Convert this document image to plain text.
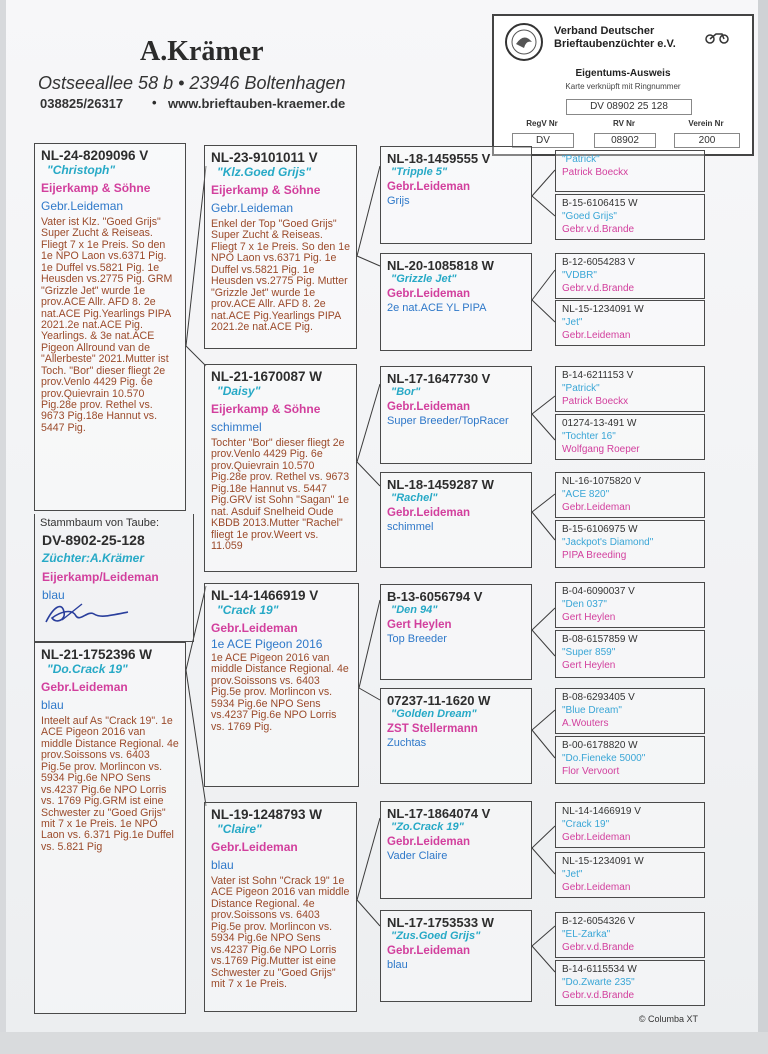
A.Krämer
Ostseeallee 58 b • 23946 Boltenhagen
038825/26317 • www.brieftauben-kraemer.de
Verband Deutscher
Brieftaubenzüchter e.V.
Eigentums-Ausweis
Karte verknüpft mit Ringnummer
DV 08902 25 128
RegV Nr	RV Nr	Verein Nr
DV	08902	200
NL-24-8209096 V
"Christoph"
Eijerkamp & Söhne
Gebr.Leideman
Vater ist Klz. "Goed Grijs" Super Zucht & Reiseas. Fliegt 7 x 1e Preis. So den 1e NPO Laon vs.6371 Pig. 1e Duffel vs.5821 Pig. 1e Heusden vs.2775 Pig. GRM "Grizzle Jet" wurde 1e prov.ACE Allr. AFD 8. 2e nat.ACE Pig.Yearlings PIPA 2021.2e nat.ACE Pig. Yearlings. & 3e nat.ACE Pigeon Allround van de "Allerbeste" 2021.Mutter ist Toch. "Bor" dieser fliegt 2e prov.Venlo 4429 Pig. 6e prov.Quievrain 10.570 Pig.28e prov. Rethel vs. 9673 Pig.18e Hannut vs. 5447 Pig.
Stammbaum von Taube:
DV-8902-25-128
Züchter:A.Krämer
Eijerkamp/Leideman
blau
NL-21-1752396 W
"Do.Crack 19"
Gebr.Leideman
blau
Inteelt auf As "Crack 19". 1e ACE Pigeon 2016 van middle Distance Regional. 4e prov.Soissons vs. 6403 Pig.5e prov. Morlincon vs. 5934 Pig.6e NPO Sens vs.4237 Pig.6e NPO Lorris vs. 1769 Pig.GRM ist eine Schwester zu "Goed Grijs" mit 7 x 1e Preis. 1e NPO Laon vs. 6.371 Pig.1e Duffel vs. 5.821 Pig
NL-23-9101011 V
"Klz.Goed Grijs"
Eijerkamp & Söhne
Gebr.Leideman
Enkel der Top "Goed Grijs" Super Zucht & Reiseas. Fliegt 7 x 1e Preis. So den 1e NPO Laon vs.6371 Pig. 1e Duffel vs.5821 Pig. 1e Heusden vs.2775 Pig. Mutter "Grizzle Jet" wurde 1e prov.ACE Allr. AFD 8. 2e nat.ACE Pig.Yearlings PIPA 2021.2e nat.ACE Pig.
NL-21-1670087 W
"Daisy"
Eijerkamp & Söhne
schimmel
Tochter "Bor" dieser fliegt 2e prov.Venlo 4429 Pig. 6e prov.Quievrain 10.570 Pig.28e prov. Rethel vs. 9673 Pig.18e Hannut vs. 5447 Pig.GRV ist Sohn "Sagan" 1e nat. Asduif Snelheid Oude KBDB 2013.Mutter "Rachel" fliegt 1e prov.Weert vs. 11.059
NL-14-1466919 V
"Crack 19"
Gebr.Leideman
1e ACE Pigeon 2016
1e ACE Pigeon 2016 van middle Distance Regional. 4e prov.Soissons vs. 6403 Pig.5e prov. Morlincon vs. 5934 Pig.6e NPO Sens vs.4237 Pig.6e NPO Lorris vs. 1769 Pig.
NL-19-1248793 W
"Claire"
Gebr.Leideman
blau
Vater ist Sohn "Crack 19" 1e ACE Pigeon 2016 van middle Distance Regional. 4e prov.Soissons vs. 6403 Pig.5e prov. Morlincon vs. 5934 Pig.6e NPO Sens vs.4237 Pig.6e NPO Lorris vs.1769 Pig.Mutter ist eine Schwester zu "Goed Grijs" mit 7 x 1e Preis.
NL-18-1459555 V
"Tripple 5"
Gebr.Leideman
Grijs
NL-20-1085818 W
"Grizzle Jet"
Gebr.Leideman
2e nat.ACE YL PIPA
NL-17-1647730 V
"Bor"
Gebr.Leideman
Super Breeder/TopRacer
NL-18-1459287 W
"Rachel"
Gebr.Leideman
schimmel
B-13-6056794 V
"Den 94"
Gert Heylen
Top Breeder
07237-11-1620 W
"Golden Dream"
ZST Stellermann
Zuchtas
NL-17-1864074 V
"Zo.Crack 19"
Gebr.Leideman
Vader Claire
NL-17-1753533 W
"Zus.Goed Grijs"
Gebr.Leideman
blau
"Patrick"
Patrick Boeckx
B-15-6106415 W
"Goed Grijs"
Gebr.v.d.Brande
B-12-6054283 V
"VDBR"
Gebr.v.d.Brande
NL-15-1234091 W
"Jet"
Gebr.Leideman
B-14-6211153 V
"Patrick"
Patrick Boeckx
01274-13-491 W
"Tochter 16"
Wolfgang Roeper
NL-16-1075820 V
"ACE 820"
Gebr.Leideman
B-15-6106975 W
"Jackpot's Diamond"
PIPA Breeding
B-04-6090037 V
"Den 037"
Gert Heylen
B-08-6157859 W
"Super 859"
Gert Heylen
B-08-6293405 V
"Blue Dream"
A.Wouters
B-00-6178820 W
"Do.Fieneke 5000"
Flor Vervoort
NL-14-1466919 V
"Crack 19"
Gebr.Leideman
NL-15-1234091 W
"Jet"
Gebr.Leideman
B-12-6054326 V
"EL-Zarka"
Gebr.v.d.Brande
B-14-6115534 W
"Do.Zwarte 235"
Gebr.v.d.Brande
© Columba XT
